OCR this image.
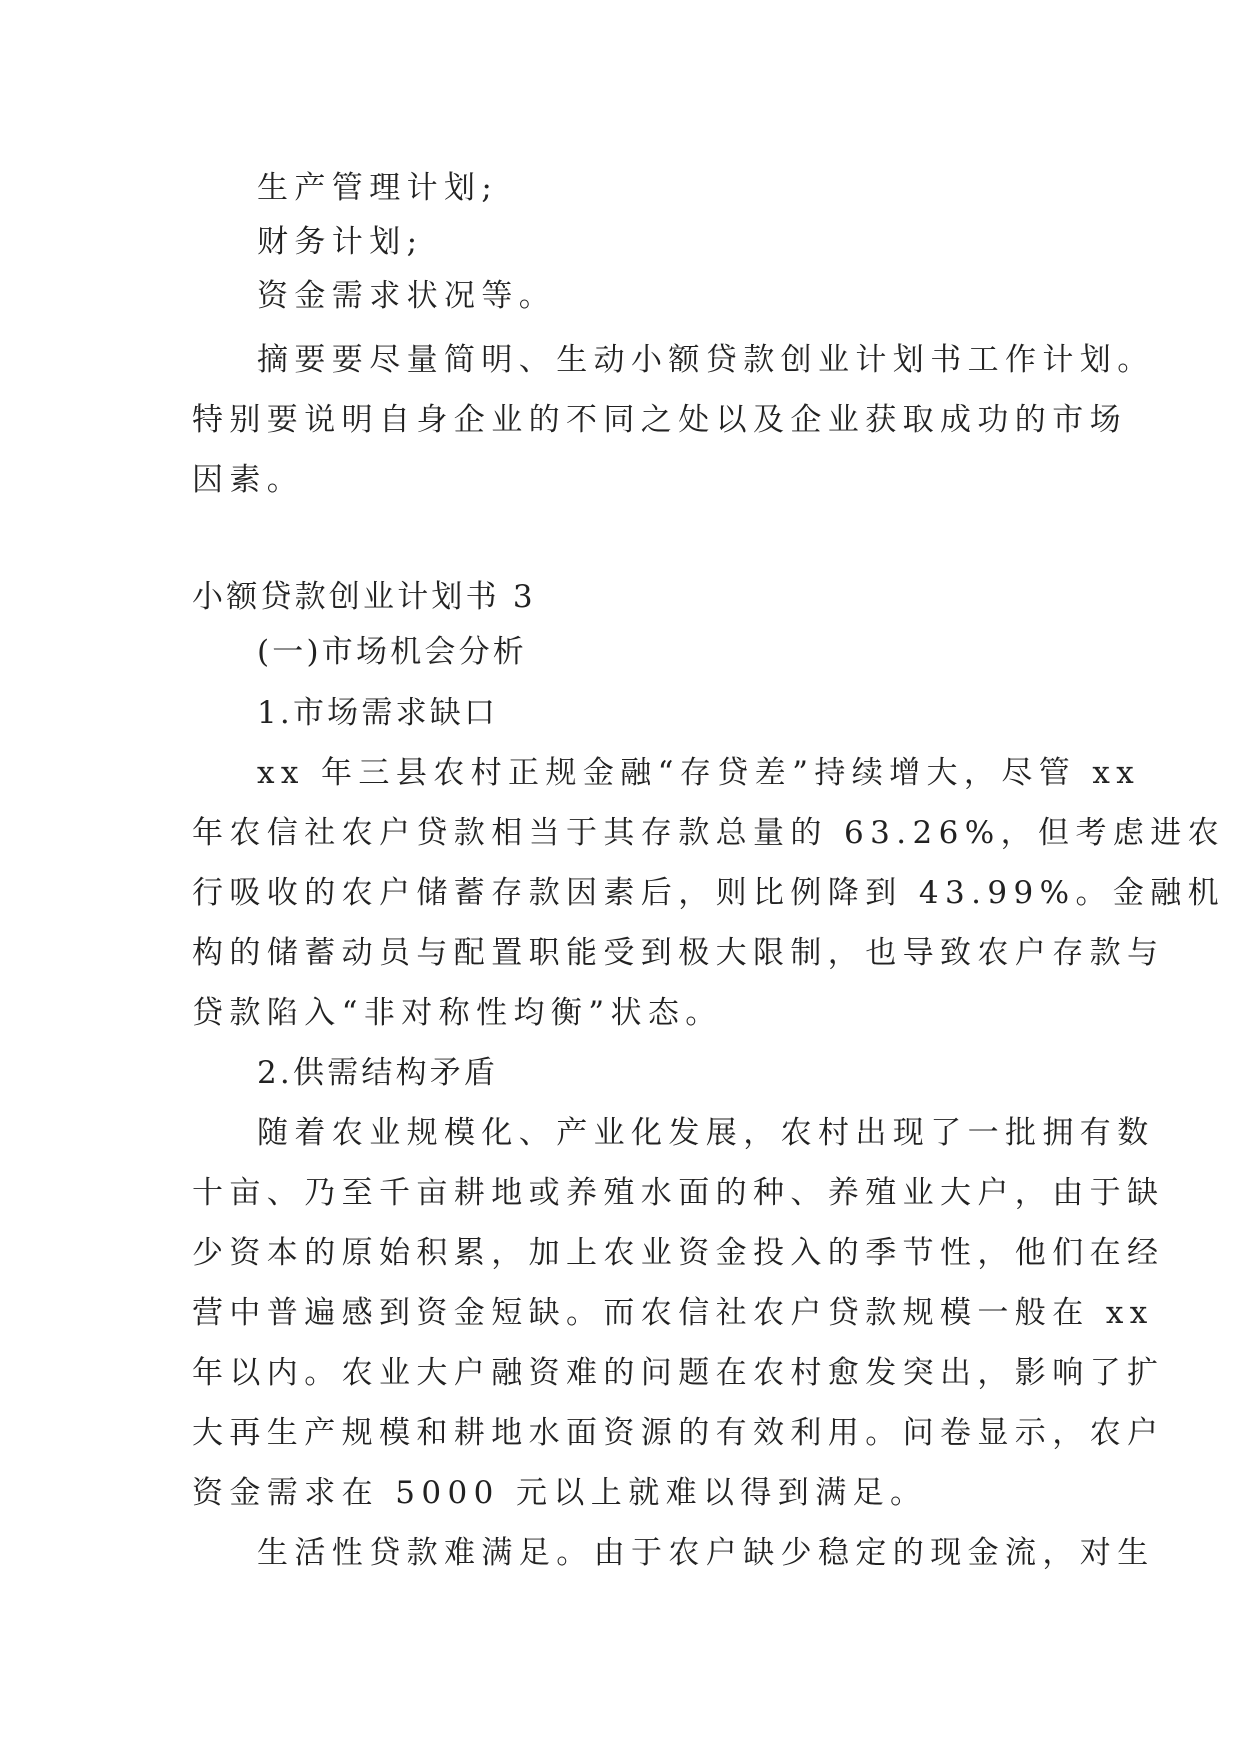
生产管理计划;
财务计划;
资金需求状况等。
摘要要尽量简明、生动小额贷款创业计划书工作计划。
特别要说明自身企业的不同之处以及企业获取成功的市场
因素。
小额贷款创业计划书 3
(一)市场机会分析
1.市场需求缺口
xx 年三县农村正规金融“存贷差”持续增大，尽管 xx
年农信社农户贷款相当于其存款总量的 63.26%，但考虑进农
行吸收的农户储蓄存款因素后，则比例降到 43.99%。金融机
构的储蓄动员与配置职能受到极大限制，也导致农户存款与
贷款陷入“非对称性均衡”状态。
2.供需结构矛盾
随着农业规模化、产业化发展，农村出现了一批拥有数
十亩、乃至千亩耕地或养殖水面的种、养殖业大户，由于缺
少资本的原始积累，加上农业资金投入的季节性，他们在经
营中普遍感到资金短缺。而农信社农户贷款规模一般在 xx
年以内。农业大户融资难的问题在农村愈发突出，影响了扩
大再生产规模和耕地水面资源的有效利用。问卷显示，农户
资金需求在 5000 元以上就难以得到满足。
生活性贷款难满足。由于农户缺少稳定的现金流，对生
